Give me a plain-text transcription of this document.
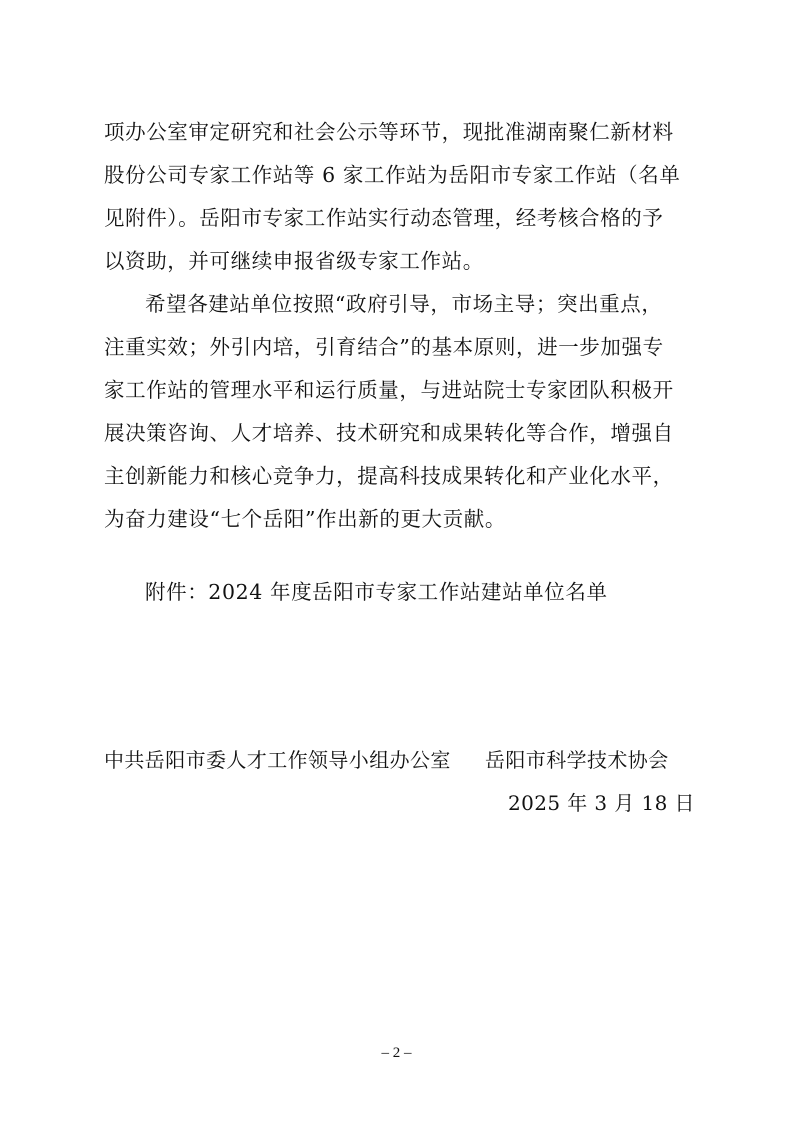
项办公室审定研究和社会公示等环节，现批准湖南聚仁新材料

股份公司专家工作站等 6 家工作站为岳阳市专家工作站（名单

见附件）。岳阳市专家工作站实行动态管理，经考核合格的予

以资助，并可继续申报省级专家工作站。

希望各建站单位按照“政府引导，市场主导；突出重点，

注重实效；外引内培，引育结合”的基本原则，进一步加强专

家工作站的管理水平和运行质量，与进站院士专家团队积极开

展决策咨询、人才培养、技术研究和成果转化等合作，增强自

主创新能力和核心竞争力，提高科技成果转化和产业化水平，

为奋力建设“七个岳阳”作出新的更大贡献。

附件：2024 年度岳阳市专家工作站建站单位名单

中共岳阳市委人才工作领导小组办公室 岳阳市科学技术协会
2025 年 3 月 18 日
– 2 –
